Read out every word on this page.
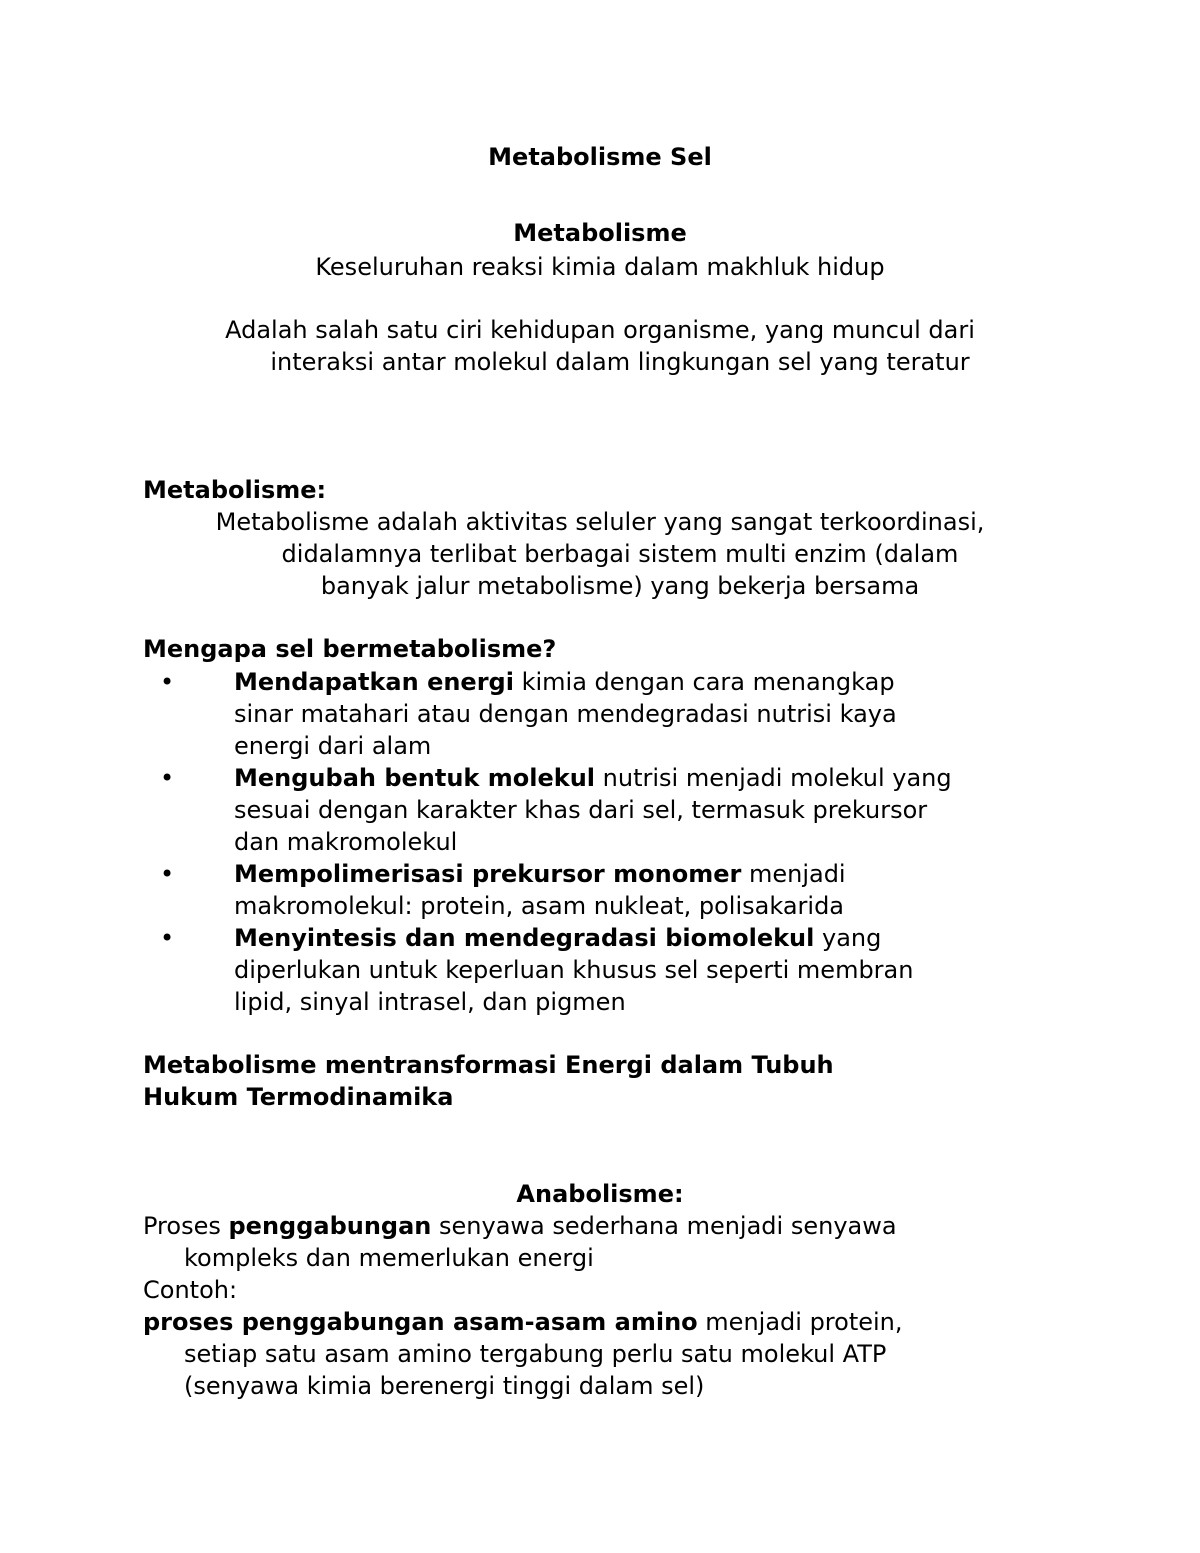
Metabolisme Sel
Metabolisme
Keseluruhan reaksi kimia dalam makhluk hidup
Adalah salah satu ciri kehidupan organisme, yang muncul dari
interaksi antar molekul dalam lingkungan sel yang teratur
Metabolisme:
Metabolisme adalah aktivitas seluler yang sangat terkoordinasi,
didalamnya terlibat berbagai sistem multi enzim (dalam
banyak jalur metabolisme) yang bekerja bersama
Mengapa sel bermetabolisme?
• Mendapatkan energi kimia dengan cara menangkap
sinar matahari atau dengan mendegradasi nutrisi kaya
energi dari alam
• Mengubah bentuk molekul nutrisi menjadi molekul yang
sesuai dengan karakter khas dari sel, termasuk prekursor
dan makromolekul
• Mempolimerisasi prekursor monomer menjadi
makromolekul: protein, asam nukleat, polisakarida
• Menyintesis dan mendegradasi biomolekul yang
diperlukan untuk keperluan khusus sel seperti membran
lipid, sinyal intrasel, dan pigmen
Metabolisme mentransformasi Energi dalam Tubuh
Hukum Termodinamika
Anabolisme:
Proses penggabungan senyawa sederhana menjadi senyawa
kompleks dan memerlukan energi
Contoh:
proses penggabungan asam-asam amino menjadi protein,
setiap satu asam amino tergabung perlu satu molekul ATP
(senyawa kimia berenergi tinggi dalam sel)
